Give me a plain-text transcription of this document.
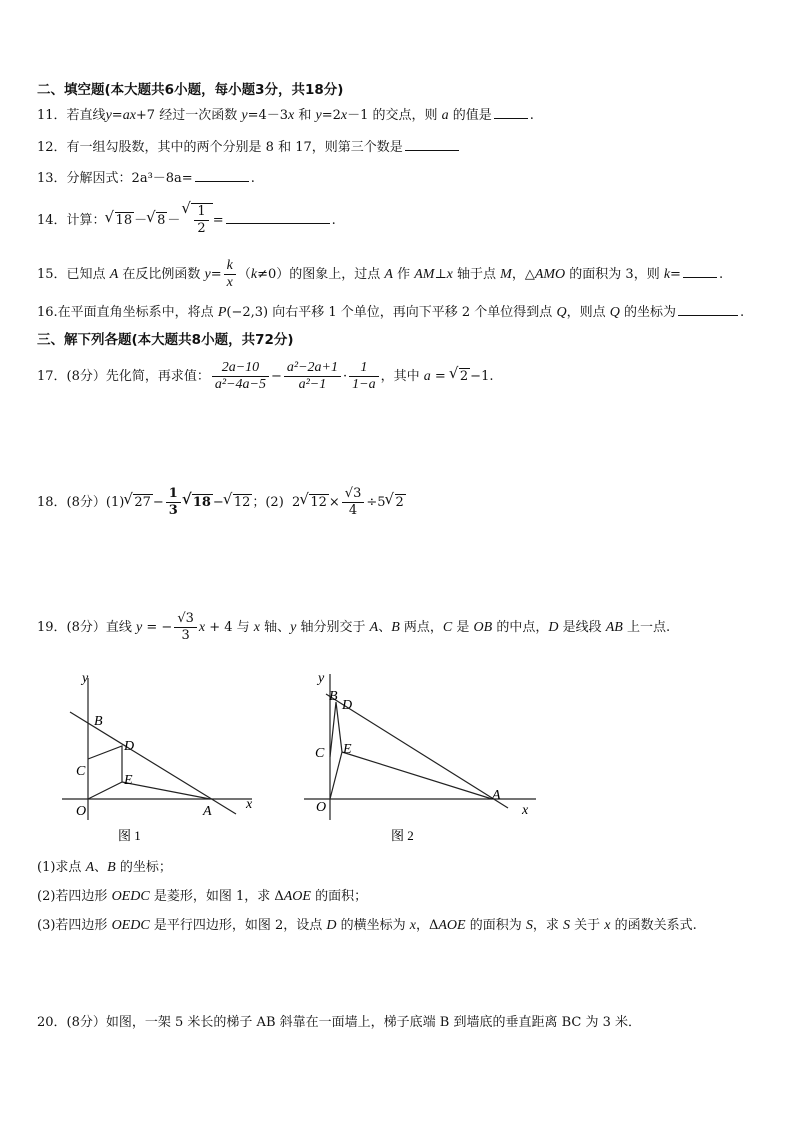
二、填空题(本大题共6小题，每小题3分，共18分)
11．若直线y=ax+7 经过一次函数 y=4－3x 和 y=2x－1 的交点，则 a 的值是	.
12．有一组勾股数，其中的两个分别是 8 和 17，则第三个数是
13．分解因式：2a³－8a=	.
14．计算：√ 18 －√ 8 －
√ $\frac{1}{2}$ =	.
15．已知点 A 在反比例函数 $y= \frac{k}{x} (k\ne 0)$的图象上，过点 A 作 AM⊥x 轴于点 M，△AMO 的面积为 3，则 k=	.
16.在平面直角坐标系中，将点 P(−2,3) 向右平移 1 个单位，再向下平移 2 个单位得到点 Q，则点 Q 的坐标为	.
三、解下列各题(本大题共8小题，共72分)
17．(8分）先化简，再求值： $\frac{2a-10}{\text{a²−4a−5}} - \frac{\text{a²−2a+1}}{\text{a²−1}} \cdot \frac{1}{1-a}$ ，其中 a = √ 2 −1.
18．(8分）(1)√ $27 - \frac{1}{3}$
√ 18 −√ 12 ；(2) 2√ $12 \times \frac{√3}{4} \div 5√$ 2
19．(8分）直线 y = − $\frac{√3}{3}$ x + 4 与 x 轴、y 轴分别交于 A、B 两点，C 是 OB 的中点，D 是线段 AB 上一点.
y
x
O	A
B
C
D
E
图 1
y
x
O
A
B
C
D
E
图 2
(1)求点 A、B 的坐标；
(2)若四边形 OEDC 是菱形，如图 1，求 ΔAOE 的面积；
(3)若四边形 OEDC 是平行四边形，如图 2，设点 D 的横坐标为 x，ΔAOE 的面积为 S，求 S 关于 x 的函数关系式.
20．(8分）如图，一架 5 米长的梯子 AB 斜靠在一面墙上，梯子底端 B 到墙底的垂直距离 BC 为 3 米．
